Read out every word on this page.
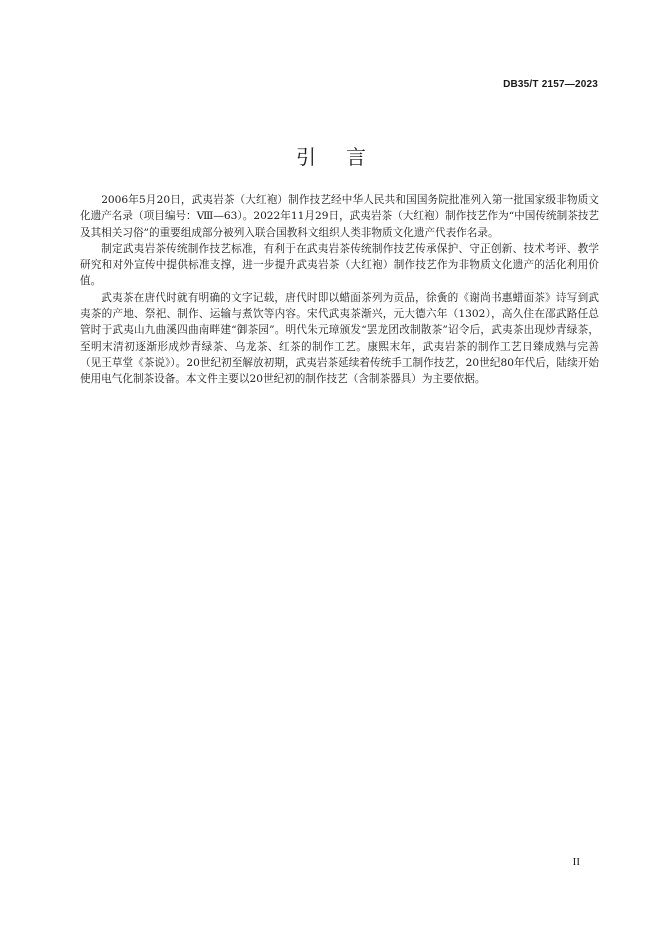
DB35/T 2157—2023
引言

2006年5月20日，武夷岩茶（大红袍）制作技艺经中华人民共和国国务院批准列入第一批国家级非物质文化遗产名录（项目编号：Ⅷ—63）。2022年11月29日，武夷岩茶（大红袍）制作技艺作为“中国传统制茶技艺及其相关习俗”的重要组成部分被列入联合国教科文组织人类非物质文化遗产代表作名录。

制定武夷岩茶传统制作技艺标准，有利于在武夷岩茶传统制作技艺传承保护、守正创新、技术考评、教学研究和对外宣传中提供标准支撑，进一步提升武夷岩茶（大红袍）制作技艺作为非物质文化遗产的活化利用价值。

武夷茶在唐代时就有明确的文字记载，唐代时即以蜡面茶列为贡品，徐夤的《谢尚书惠蜡面茶》诗写到武夷茶的产地、祭祀、制作、运输与煮饮等内容。宋代武夷茶渐兴，元大德六年（1302），高久住在邵武路任总管时于武夷山九曲溪四曲南畔建“御茶园”。明代朱元璋颁发“罢龙团改制散茶”诏令后，武夷茶出现炒青绿茶，至明末清初逐渐形成炒青绿茶、乌龙茶、红茶的制作工艺。康熙末年，武夷岩茶的制作工艺日臻成熟与完善（见王草堂《茶说》）。20世纪初至解放初期，武夷岩茶延续着传统手工制作技艺，20世纪80年代后，陆续开始使用电气化制茶设备。本文件主要以20世纪初的制作技艺（含制茶器具）为主要依据。

II
